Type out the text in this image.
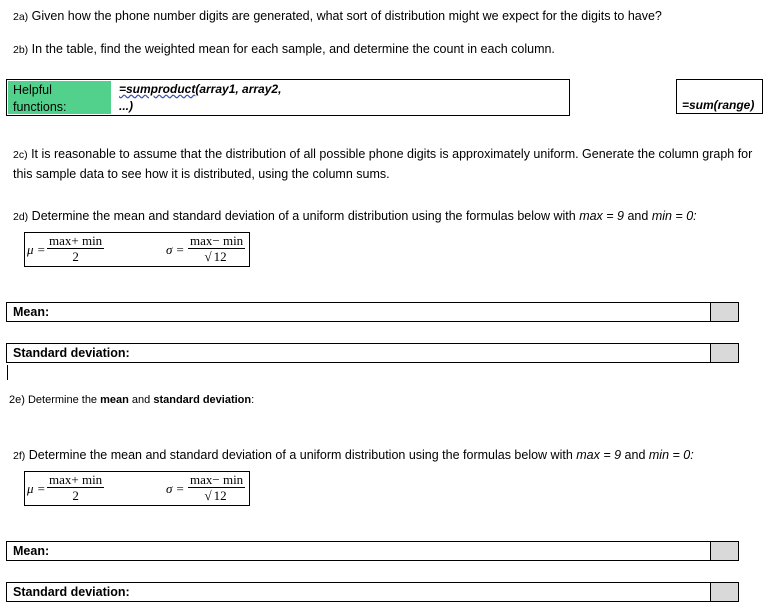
2a) Given how the phone number digits are generated, what sort of distribution might we expect for the digits to have?
2b) In the table, find the weighted mean for each sample, and determine the count in each column.
Helpful
functions:
=sumproduct(array1, array2,
...)	=sum(range)
2c) It is reasonable to assume that the distribution of all possible phone digits is approximately uniform. Generate the column graph for this sample data to see how it is distributed, using the column sums.
2d) Determine the mean and standard deviation of a uniform distribution using the formulas below with max = 9 and min = 0:
μ =
max+ min
2	σ =
max− min
√ 12
Mean:
Standard deviation:
2e) Determine the mean and standard deviation:
2f) Determine the mean and standard deviation of a uniform distribution using the formulas below with max = 9 and min = 0:
μ =
max+ min
2	σ =
max− min
√ 12
Mean:
Standard deviation:
